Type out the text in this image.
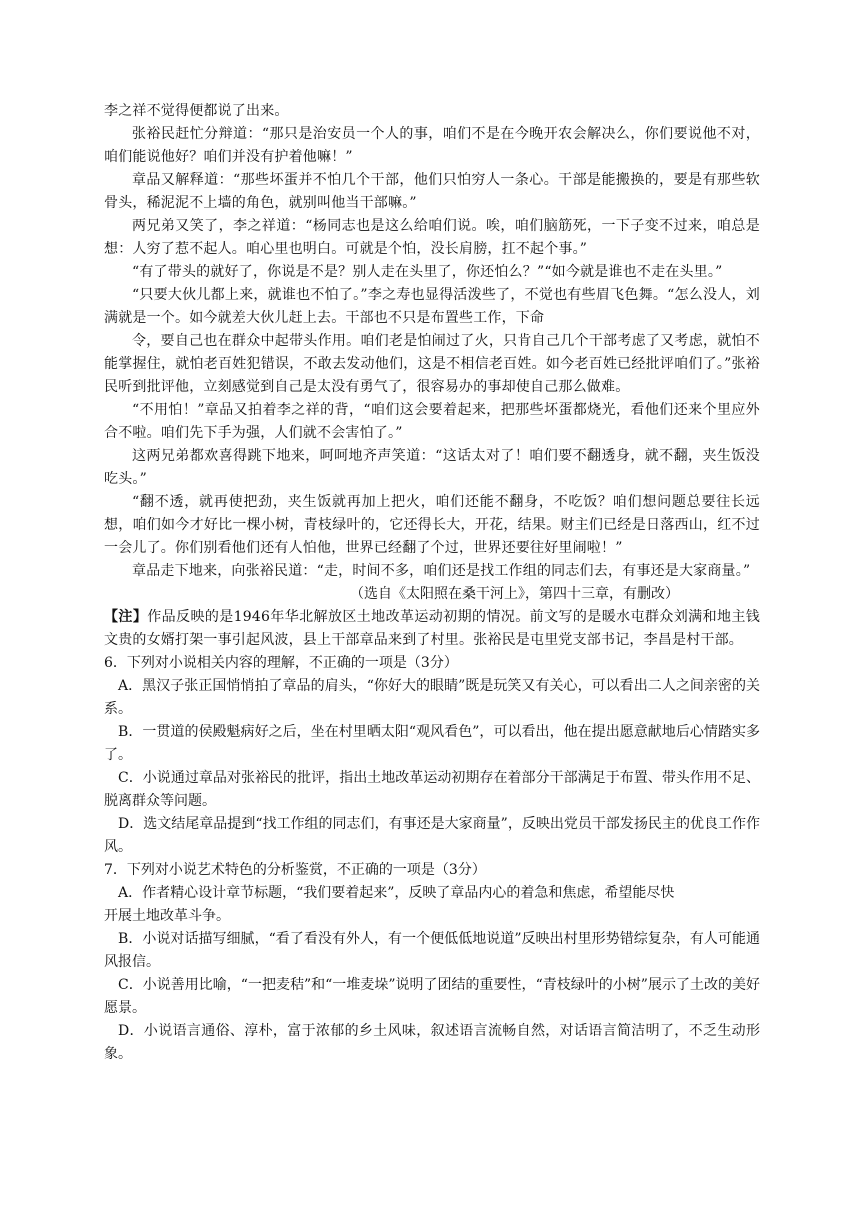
李之祥不觉得便都说了出来。

张裕民赶忙分辩道：“那只是治安员一个人的事，咱们不是在今晚开农会解决么，你们要说他不对，咱们能说他好？咱们并没有护着他嘛！”

章品又解释道：“那些坏蛋并不怕几个干部，他们只怕穷人一条心。干部是能搬换的，要是有那些软骨头，稀泥泥不上墙的角色，就别叫他当干部嘛。”

两兄弟又笑了，李之祥道：“杨同志也是这么给咱们说。唉，咱们脑筋死，一下子变不过来，咱总是想：人穷了惹不起人。咱心里也明白。可就是个怕，没长肩膀，扛不起个事。”

“有了带头的就好了，你说是不是？别人走在头里了，你还怕么？”“如今就是谁也不走在头里。”

“只要大伙儿都上来，就谁也不怕了。”李之寿也显得活泼些了，不觉也有些眉飞色舞。“怎么没人，刘满就是一个。如今就差大伙儿赶上去。干部也不只是布置些工作，下命

令，要自己也在群众中起带头作用。咱们老是怕闹过了火，只肯自己几个干部考虑了又考虑，就怕不能掌握住，就怕老百姓犯错误，不敢去发动他们，这是不相信老百姓。如今老百姓已经批评咱们了。”张裕民听到批评他，立刻感觉到自己是太没有勇气了，很容易办的事却使自己那么做难。

“不用怕！”章品又拍着李之祥的背，“咱们这会要着起来，把那些坏蛋都烧光，看他们还来个里应外合不啦。咱们先下手为强，人们就不会害怕了。”

这两兄弟都欢喜得跳下地来，呵呵地齐声笑道：“这话太对了！咱们要不翻透身，就不翻，夹生饭没吃头。”

“翻不透，就再使把劲，夹生饭就再加上把火，咱们还能不翻身，不吃饭？咱们想问题总要往长远想，咱们如今才好比一棵小树，青枝绿叶的，它还得长大，开花，结果。财主们已经是日落西山，红不过一会儿了。你们别看他们还有人怕他，世界已经翻了个过，世界还要往好里闹啦！”

章品走下地来，向张裕民道：“走，时间不多，咱们还是找工作组的同志们去，有事还是大家商量。”

（选自《太阳照在桑干河上》，第四十三章，有删改）

【注】作品反映的是1946年华北解放区土地改革运动初期的情况。前文写的是暖水屯群众刘满和地主钱文贵的女婿打架一事引起风波，县上干部章品来到了村里。张裕民是屯里党支部书记，李昌是村干部。

6．下列对小说相关内容的理解，不正确的一项是（3分）

A．黑汉子张正国悄悄拍了章品的肩头，“你好大的眼睛”既是玩笑又有关心，可以看出二人之间亲密的关系。

B．一贯道的侯殿魁病好之后，坐在村里晒太阳“观风看色”，可以看出，他在提出愿意献地后心情踏实多了。

C．小说通过章品对张裕民的批评，指出土地改革运动初期存在着部分干部满足于布置、带头作用不足、脱离群众等问题。

D．选文结尾章品提到“找工作组的同志们，有事还是大家商量”，反映出党员干部发扬民主的优良工作作风。

7．下列对小说艺术特色的分析鉴赏，不正确的一项是（3分）

A．作者精心设计章节标题，“我们要着起来”，反映了章品内心的着急和焦虑，希望能尽快

开展土地改革斗争。

B．小说对话描写细腻，“看了看没有外人，有一个便低低地说道”反映出村里形势错综复杂，有人可能通风报信。

C．小说善用比喻，“一把麦秸”和“一堆麦垛”说明了团结的重要性，“青枝绿叶的小树”展示了土改的美好愿景。

D．小说语言通俗、淳朴，富于浓郁的乡土风味，叙述语言流畅自然，对话语言简洁明了，不乏生动形象。
